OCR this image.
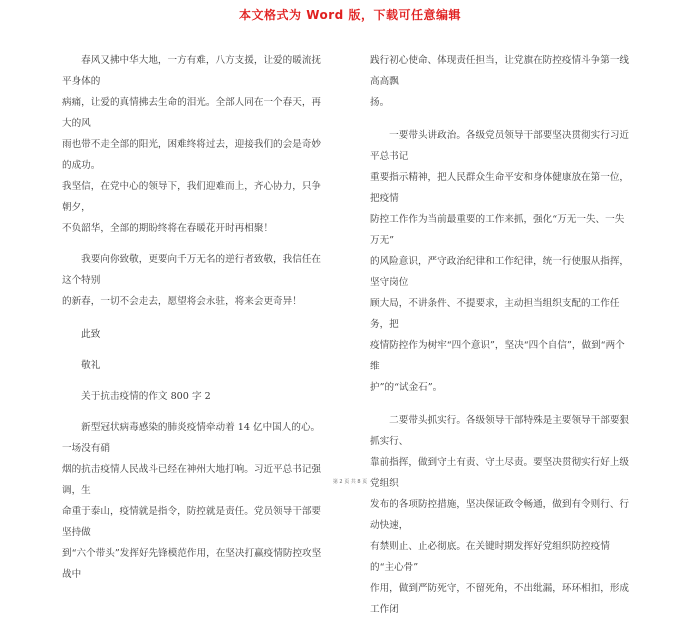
本文格式为 Word 版，下载可任意编辑

　　春风又拂中华大地，一方有难，八方支援，让爱的暖流抚平身体的

病痛，让爱的真情拂去生命的泪光。全部人同在一个春天，再大的风

雨也带不走全部的阳光，困难终将过去，迎接我们的会是奇妙的成功。

我坚信，在党中心的领导下，我们迎难而上，齐心协力，只争朝夕，

不负韶华，全部的期盼终将在春暖花开时再相聚！

　　我要向你致敬，更要向千万无名的逆行者致敬，我信任在这个特别

的新春，一切不会走去，愿望将会永驻，将来会更奇异！

　　此致

　　敬礼

　　关于抗击疫情的作文 800 字 2

　　新型冠状病毒感染的肺炎疫情牵动着 14 亿中国人的心。一场没有硝

烟的抗击疫情人民战斗已经在神州大地打响。习近平总书记强调，生

命重于泰山，疫情就是指令，防控就是责任。党员领导干部要坚持做

到“六个带头”发挥好先锋模范作用，在坚决打赢疫情防控攻坚战中

践行初心使命、体现责任担当，让党旗在防控疫情斗争第一线高高飘

扬。

　　一要带头讲政治。各级党员领导干部要坚决贯彻实行习近平总书记

重要指示精神，把人民群众生命平安和身体健康放在第一位，把疫情

防控工作作为当前最重要的工作来抓，强化“万无一失、一失万无”

的风险意识，严守政治纪律和工作纪律，统一行使服从指挥，坚守岗位

顾大局，不讲条件、不提要求，主动担当组织支配的工作任务，把

疫情防控作为树牢“四个意识”，坚决“四个自信”，做到“两个维

护”的“试金石”。

　　二要带头抓实行。各级领导干部特殊是主要领导干部要狠抓实行、

靠前指挥，做到守土有责、守土尽责。要坚决贯彻实行好上级党组织

发布的各项防控措施，坚决保证政令畅通，做到有令则行、行动快速，

有禁则止、止必彻底。在关键时期发挥好党组织防控疫情的“主心骨”

作用，做到严防死守，不留死角，不出纰漏，环环相扣，形成工作闭

第 2 页 共 8 页
